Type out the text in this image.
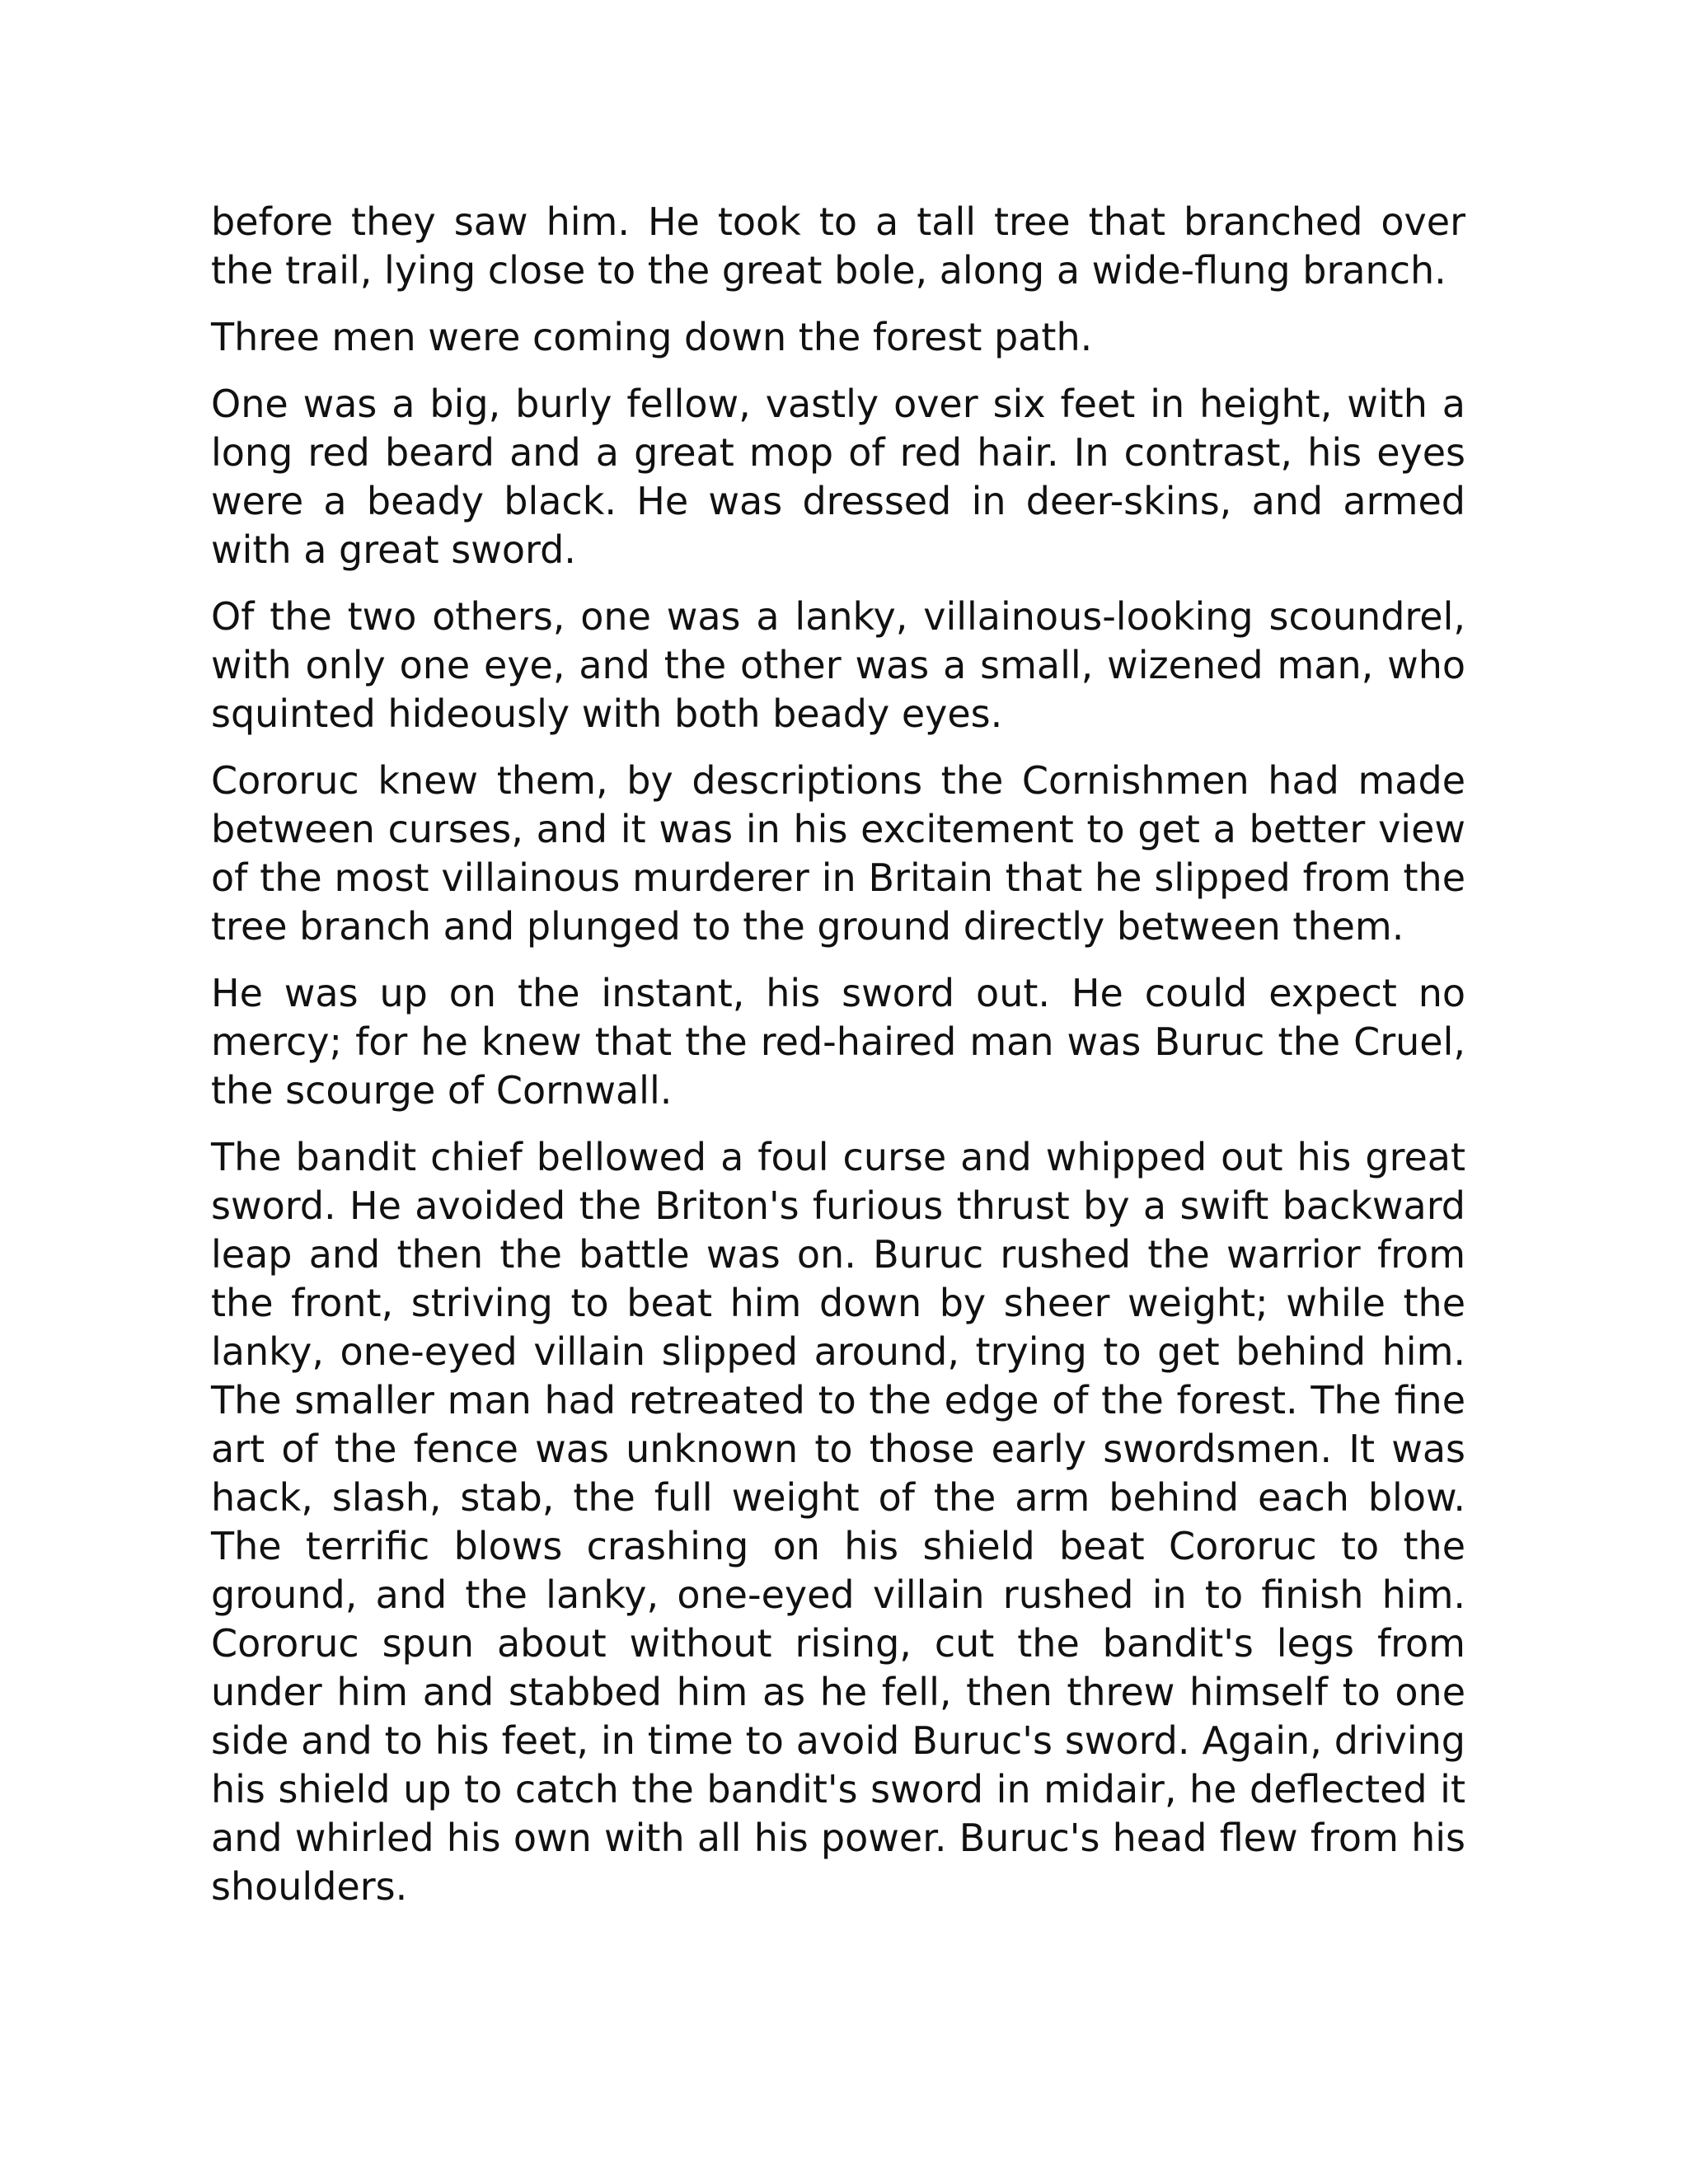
before they saw him. He took to a tall tree that branched over the trail, lying close to the great bole, along a wide-flung branch.

Three men were coming down the forest path.

One was a big, burly fellow, vastly over six feet in height, with a long red beard and a great mop of red hair. In contrast, his eyes were a beady black. He was dressed in deer-skins, and armed with a great sword.

Of the two others, one was a lanky, villainous-looking scoundrel, with only one eye, and the other was a small, wizened man, who squinted hideously with both beady eyes.

Cororuc knew them, by descriptions the Cornishmen had made between curses, and it was in his excitement to get a better view of the most villainous murderer in Britain that he slipped from the tree branch and plunged to the ground directly between them.

He was up on the instant, his sword out. He could expect no mercy; for he knew that the red-haired man was Buruc the Cruel, the scourge of Cornwall.

The bandit chief bellowed a foul curse and whipped out his great sword. He avoided the Briton's furious thrust by a swift backward leap and then the battle was on. Buruc rushed the warrior from the front, striving to beat him down by sheer weight; while the lanky, one-eyed villain slipped around, trying to get behind him. The smaller man had retreated to the edge of the forest. The fine art of the fence was unknown to those early swordsmen. It was hack, slash, stab, the full weight of the arm behind each blow. The terrific blows crashing on his shield beat Cororuc to the ground, and the lanky, one-eyed villain rushed in to finish him. Cororuc spun about without rising, cut the bandit's legs from under him and stabbed him as he fell, then threw himself to one side and to his feet, in time to avoid Buruc's sword. Again, driving his shield up to catch the bandit's sword in midair, he deflected it and whirled his own with all his power. Buruc's head flew from his shoulders.
